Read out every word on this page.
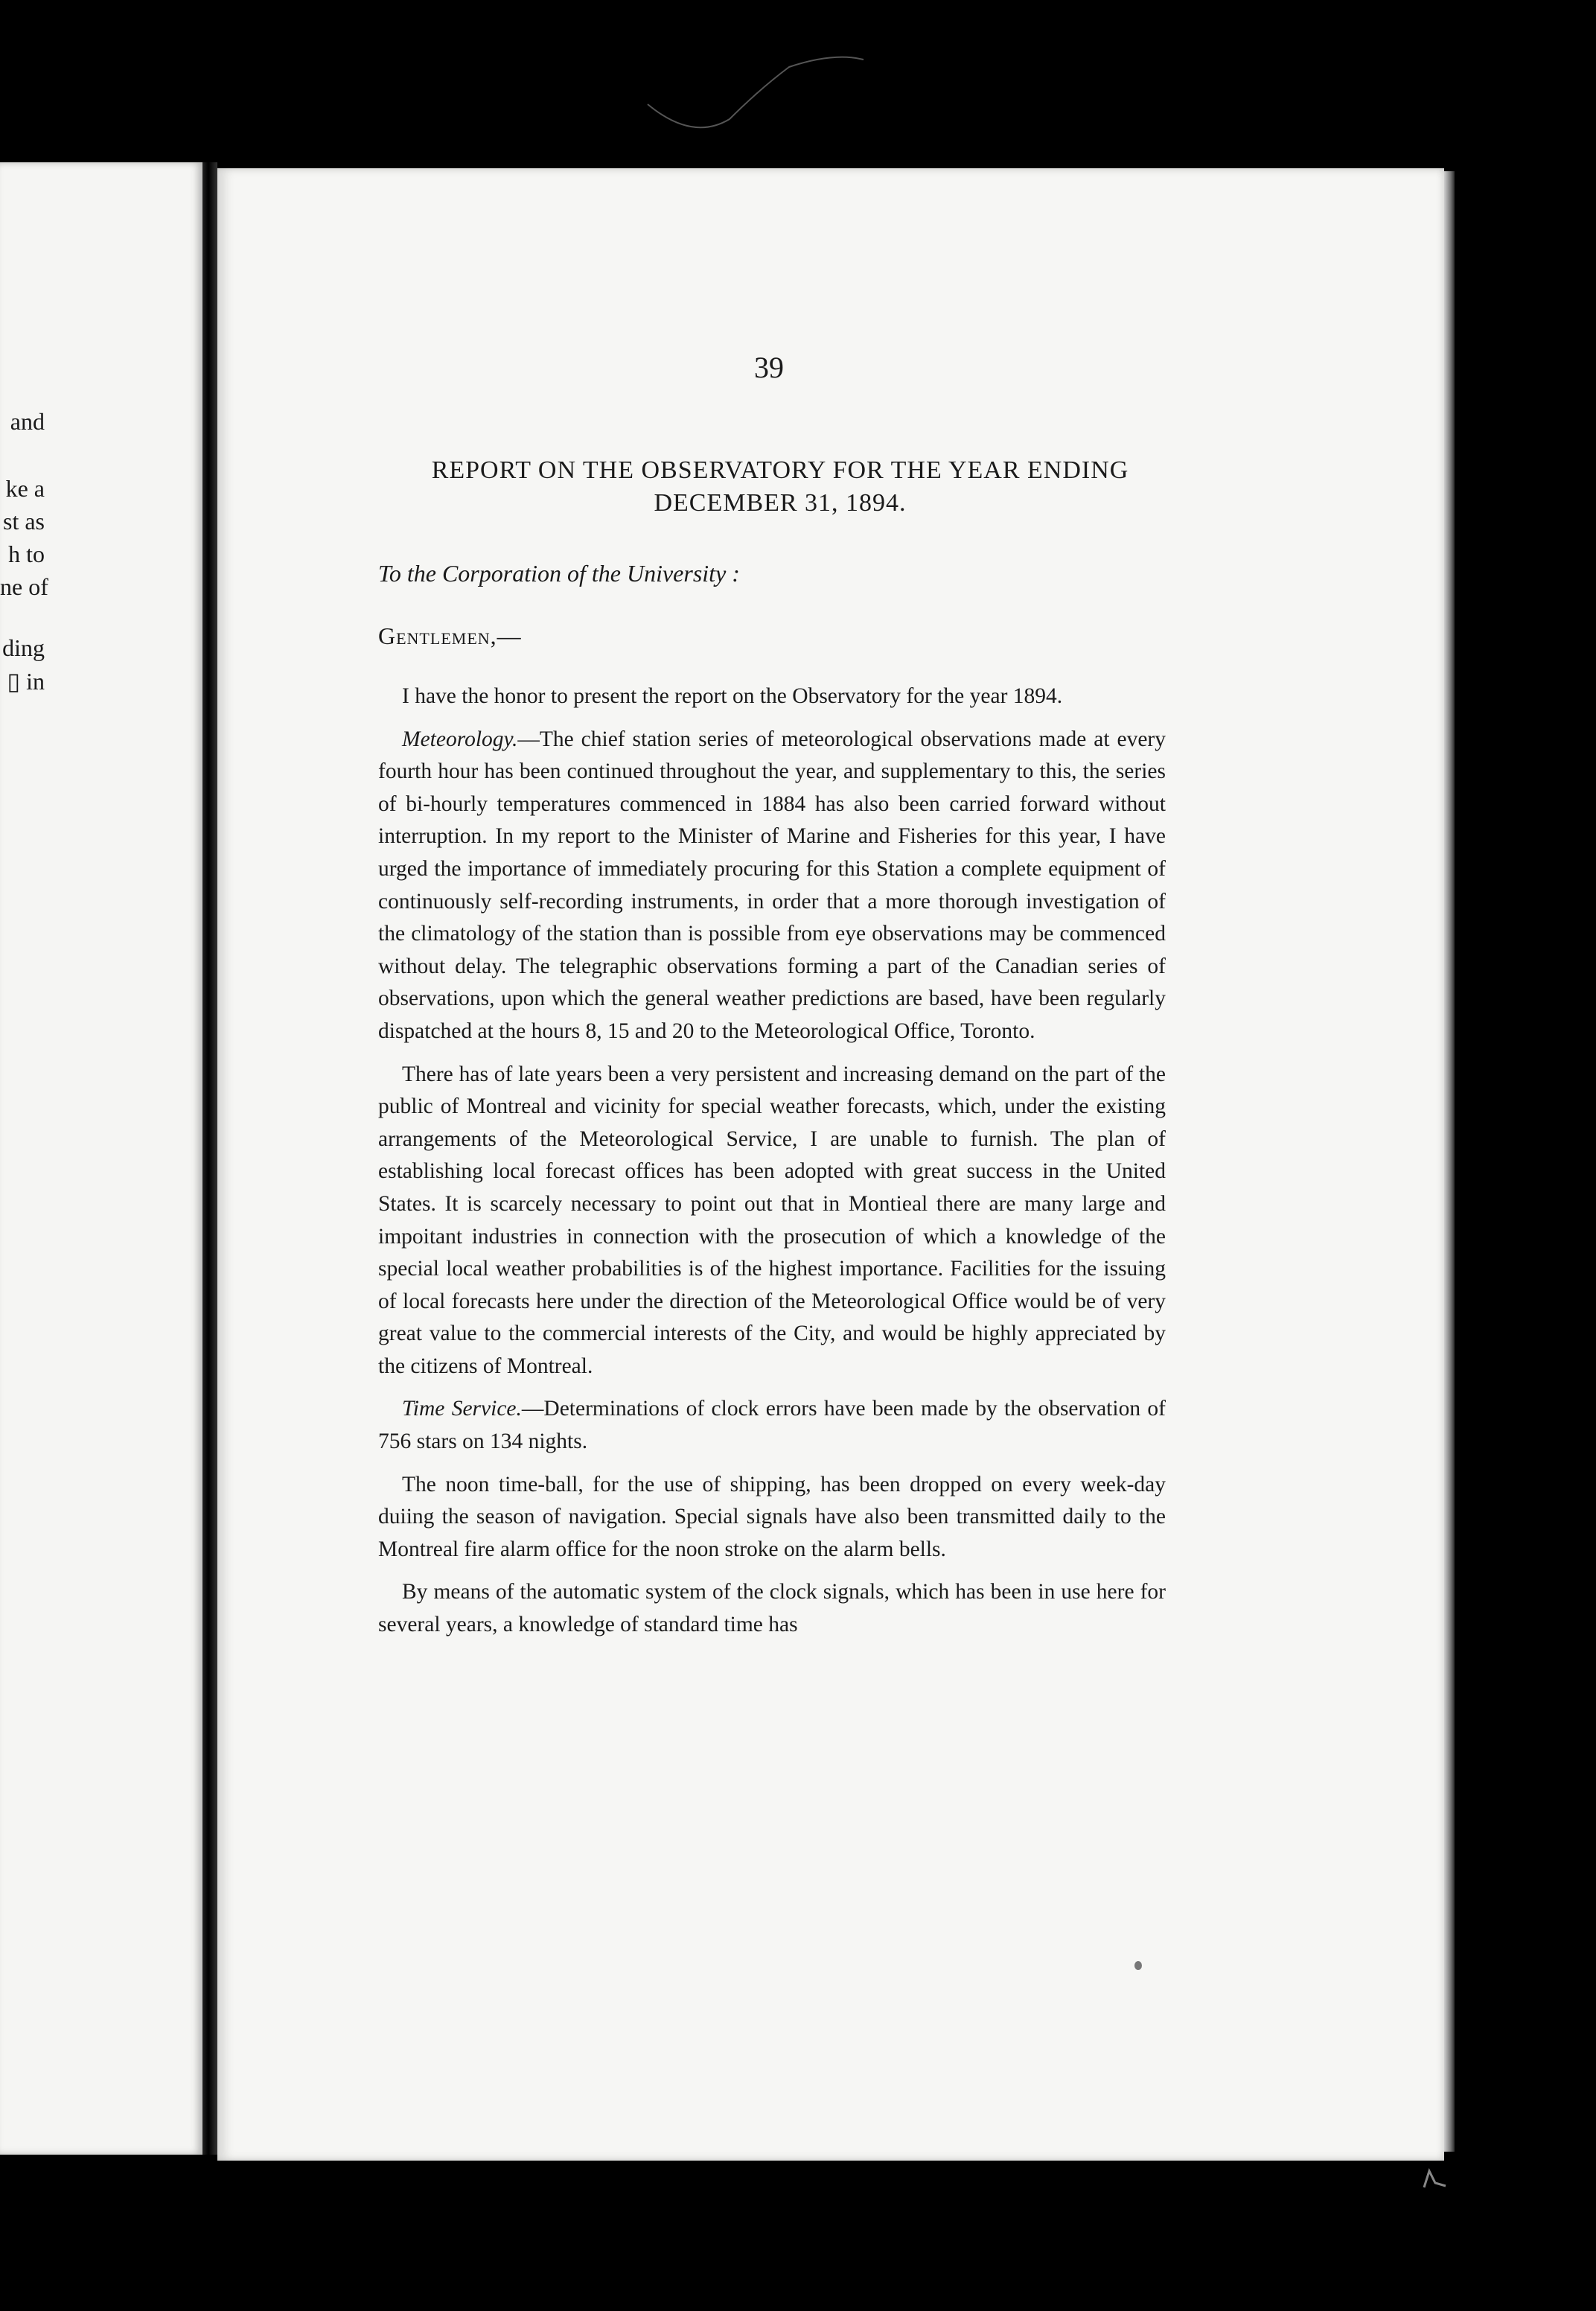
and
ke a
st as
h to
ne of
ding
▯ in
39
REPORT ON THE OBSERVATORY FOR THE YEAR ENDING
DECEMBER 31, 1894.
To the Corporation of the University :
Gentlemen,—

I have the honor to present the report on the Observatory for the year 1894.

Meteorology.—The chief station series of meteorological observations made at every fourth hour has been continued throughout the year, and supplementary to this, the series of bi-hourly temperatures commenced in 1884 has also been carried forward without interruption. In my report to the Minister of Marine and Fisheries for this year, I have urged the importance of immediately procuring for this Station a complete equipment of continuously self-recording instruments, in order that a more thorough investigation of the climatology of the station than is possible from eye observations may be commenced without delay. The telegraphic observations forming a part of the Canadian series of observations, upon which the general weather predictions are based, have been regularly dispatched at the hours 8, 15 and 20 to the Meteorological Office, Toronto.

There has of late years been a very persistent and increasing demand on the part of the public of Montreal and vicinity for special weather forecasts, which, under the existing arrangements of the Meteorological Service, I are unable to furnish. The plan of establishing local forecast offices has been adopted with great success in the United States. It is scarcely necessary to point out that in Montieal there are many large and impoitant industries in connection with the prosecution of which a knowledge of the special local weather probabilities is of the highest importance. Facilities for the issuing of local forecasts here under the direction of the Meteorological Office would be of very great value to the commercial interests of the City, and would be highly appreciated by the citizens of Montreal.

Time Service.—Determinations of clock errors have been made by the observation of 756 stars on 134 nights.

The noon time-ball, for the use of shipping, has been dropped on every week-day duiing the season of navigation. Special signals have also been transmitted daily to the Montreal fire alarm office for the noon stroke on the alarm bells.

By means of the automatic system of the clock signals, which has been in use here for several years, a knowledge of standard time has
